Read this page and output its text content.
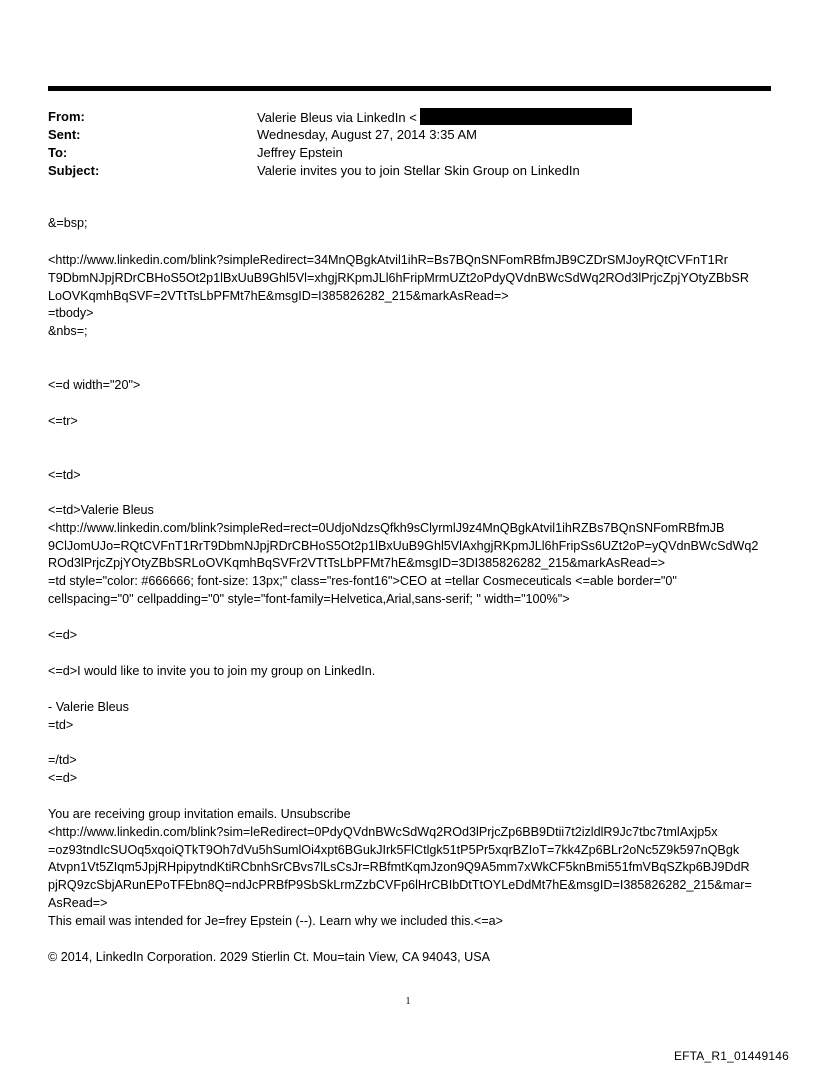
From:	Valerie Bleus via LinkedIn <
Sent:	Wednesday, August 27, 2014 3:35 AM
To:	Jeffrey Epstein
Subject:	Valerie invites you to join Stellar Skin Group on LinkedIn
&=bsp;
<http://www.linkedin.com/blink?simpleRedirect=34MnQBgkAtvil1ihR=Bs7BQnSNFomRBfmJB9CZDrSMJoyRQtCVFnT1Rr
T9DbmNJpjRDrCBHoS5Ot2p1lBxUuB9Ghl5Vl=xhgjRKpmJLl6hFripMrmUZt2oPdyQVdnBWcSdWq2ROd3lPrjcZpjYOtyZBbSR
LoOVKqmhBqSVF=2VTtTsLbPFMt7hE&msgID=I385826282_215&markAsRead=>
=tbody>
&nbs=;
<=d width="20">
<=tr>
<=td>
<=td>Valerie Bleus
<http://www.linkedin.com/blink?simpleRed=rect=0UdjoNdzsQfkh9sClyrmlJ9z4MnQBgkAtvil1ihRZBs7BQnSNFomRBfmJB
9ClJomUJo=RQtCVFnT1RrT9DbmNJpjRDrCBHoS5Ot2p1lBxUuB9Ghl5VlAxhgjRKpmJLl6hFripSs6UZt2oP=yQVdnBWcSdWq2
ROd3lPrjcZpjYOtyZBbSRLoOVKqmhBqSVFr2VTtTsLbPFMt7hE&msgID=3DI385826282_215&markAsRead=>
=td style="color: #666666; font-size: 13px;" class="res-font16">CEO at =tellar Cosmeceuticals <=able border="0"
cellspacing="0" cellpadding="0" style="font-family=Helvetica,Arial,sans-serif; " width="100%">
<=d>
<=d>I would like to invite you to join my group on LinkedIn.
- Valerie Bleus
=td>
=/td>
<=d>
You are receiving group invitation emails. Unsubscribe
<http://www.linkedin.com/blink?sim=leRedirect=0PdyQVdnBWcSdWq2ROd3lPrjcZp6BB9Dtii7t2izldlR9Jc7tbc7tmlAxjp5x
=oz93tndIcSUOq5xqoiQTkT9Oh7dVu5hSumlOi4xpt6BGukJIrk5FlCtlgk51tP5Pr5xqrBZIoT=7kk4Zp6BLr2oNc5Z9k597nQBgk
Atvpn1Vt5ZIqm5JpjRHpipytndKtiRCbnhSrCBvs7lLsCsJr=RBfmtKqmJzon9Q9A5mm7xWkCF5knBmi551fmVBqSZkp6BJ9DdR
pjRQ9zcSbjARunEPoTFEbn8Q=ndJcPRBfP9SbSkLrmZzbCVFp6lHrCBIbDtTtOYLeDdMt7hE&msgID=I385826282_215&mar=
AsRead=>
This email was intended for Je=frey Epstein (--). Learn why we included this.<=a>
© 2014, LinkedIn Corporation. 2029 Stierlin Ct. Mou=tain View, CA 94043, USA
1
EFTA_R1_01449146
